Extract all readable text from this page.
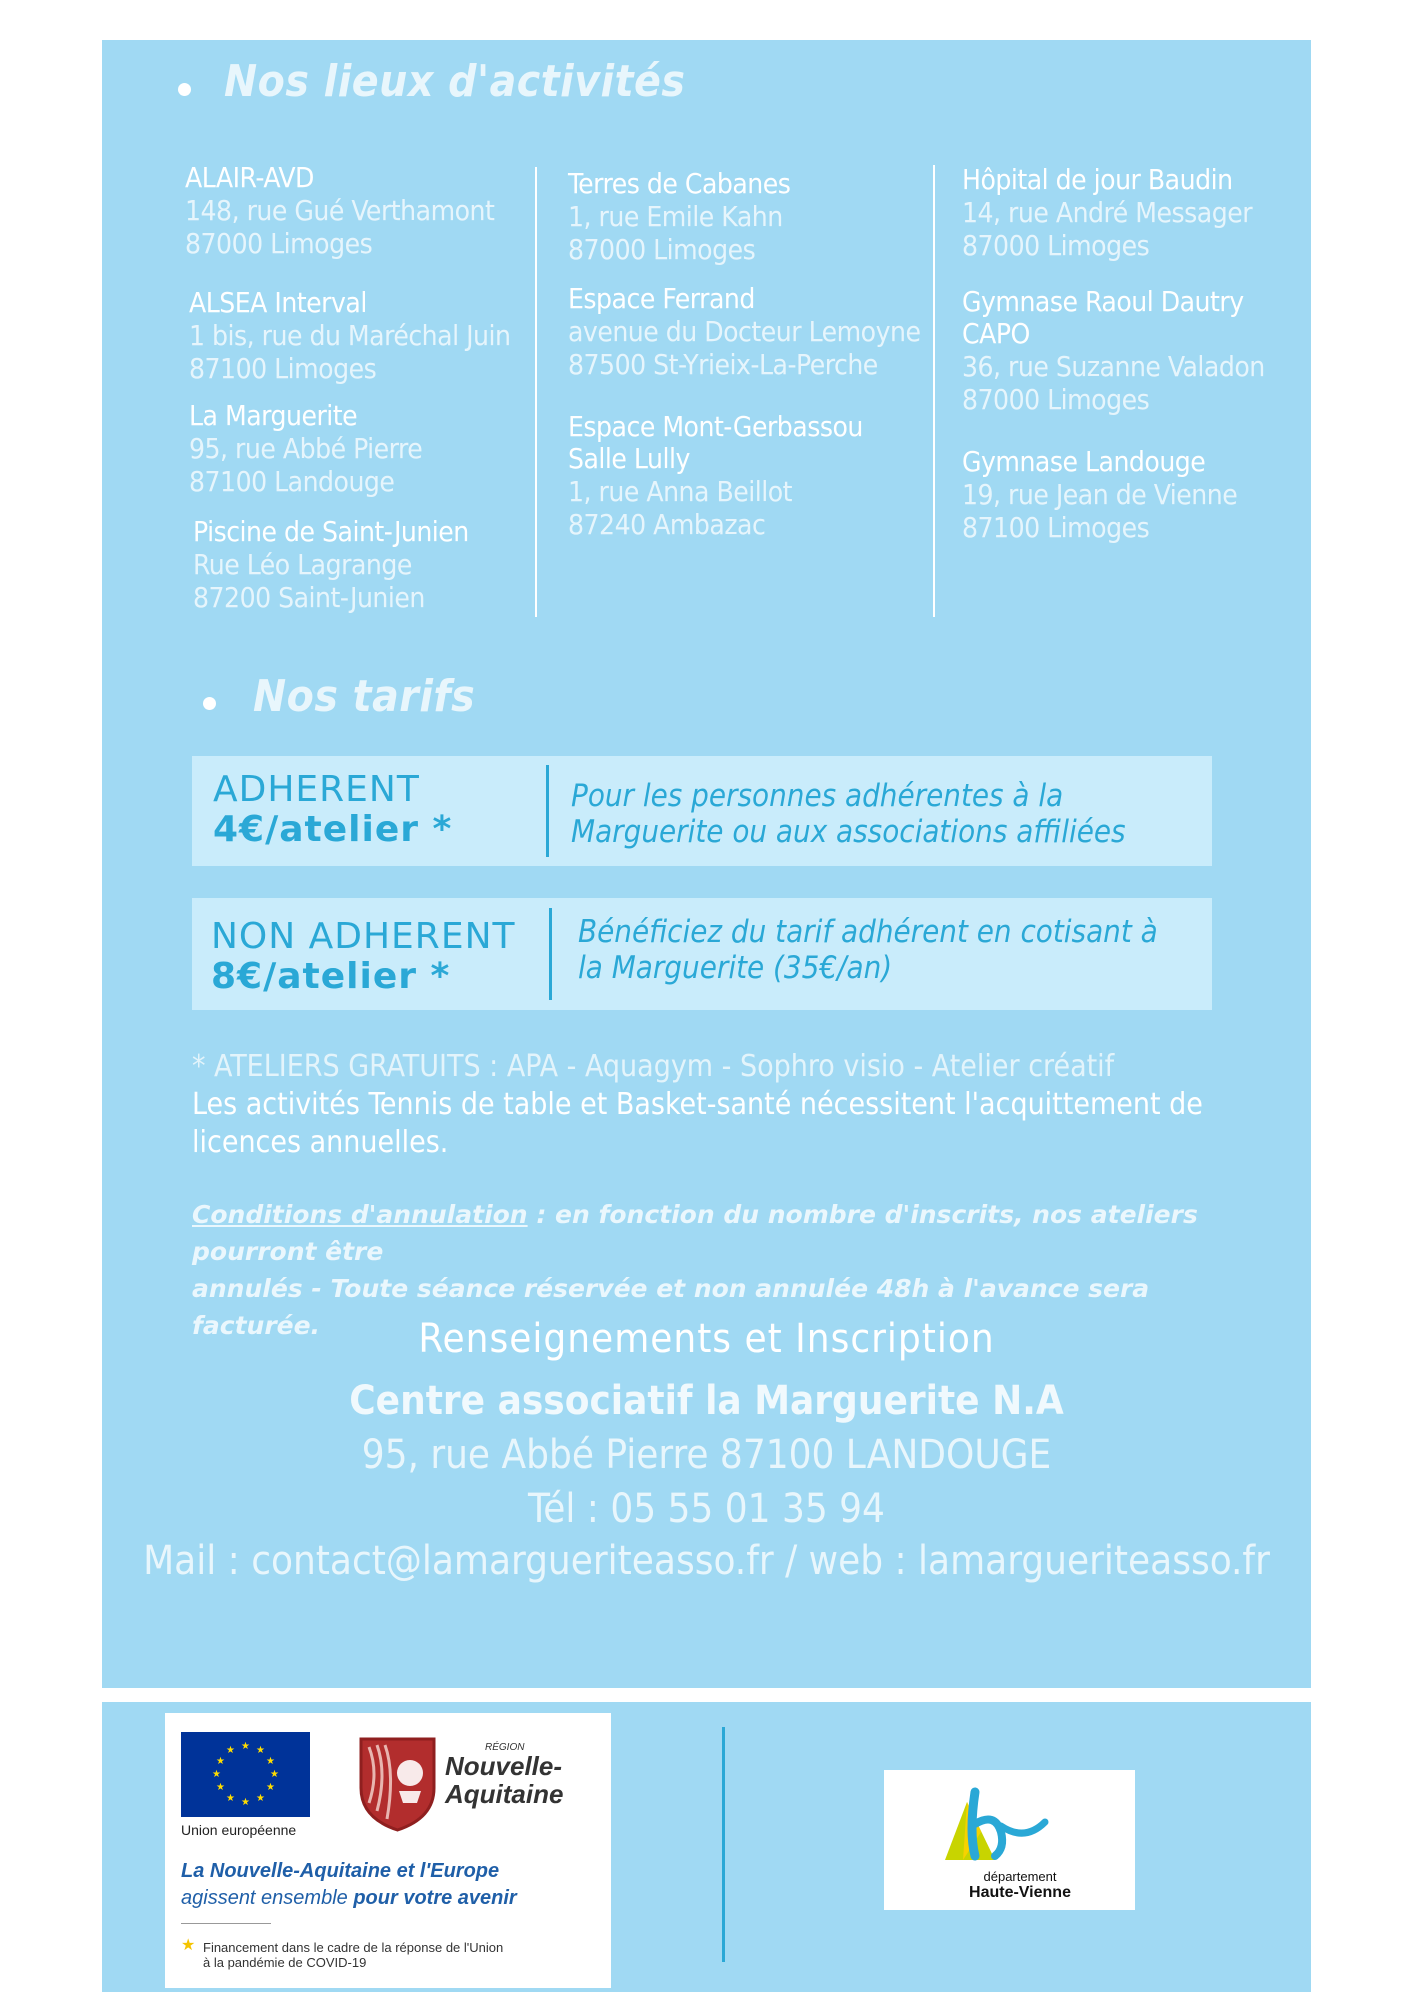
Nos lieux d'activités
ALAIR-AVD
148, rue Gué Verthamont
87000 Limoges
ALSEA Interval
1 bis, rue du Maréchal Juin
87100 Limoges
La Marguerite
95, rue Abbé Pierre
87100 Landouge
Piscine de Saint-Junien
Rue Léo Lagrange
87200 Saint-Junien
Terres de Cabanes
1, rue Emile Kahn
87000 Limoges
Espace Ferrand
avenue du Docteur Lemoyne
87500 St-Yrieix-La-Perche
Espace Mont-Gerbassou
Salle Lully
1, rue Anna Beillot
87240 Ambazac
Hôpital de jour Baudin
14, rue André Messager
87000 Limoges
Gymnase Raoul Dautry
CAPO
36, rue Suzanne Valadon
87000 Limoges
Gymnase Landouge
19, rue Jean de Vienne
87100 Limoges
Nos tarifs
ADHERENT
4€/atelier *
Pour les personnes adhérentes à la
Marguerite ou aux associations affiliées
NON ADHERENT
8€/atelier *
Bénéficiez du tarif adhérent en cotisant à
la Marguerite (35€/an)
* ATELIERS GRATUITS : APA - Aquagym - Sophro visio - Atelier créatif
Les activités Tennis de table et Basket-santé nécessitent l'acquittement de
licences annuelles.
Conditions d'annulation : en fonction du nombre d'inscrits, nos ateliers pourront être
annulés - Toute séance réservée et non annulée 48h à l'avance sera facturée.	Renseignements et Inscription
Centre associatif la Marguerite N.A
95, rue Abbé Pierre 87100 LANDOUGE
Tél : 05 55 01 35 94
Mail : contact@lamargueriteasso.fr / web : lamargueriteasso.fr
★ ★
★
★
★
★
★
★
★
★
★
★
Union européenne
RÉGION
Nouvelle-
Aquitaine
La Nouvelle-Aquitaine et l'Europe
agissent ensemble pour votre avenir
★ Financement dans le cadre de la réponse de l'Union
à la pandémie de COVID-19
département
Haute-Vienne
